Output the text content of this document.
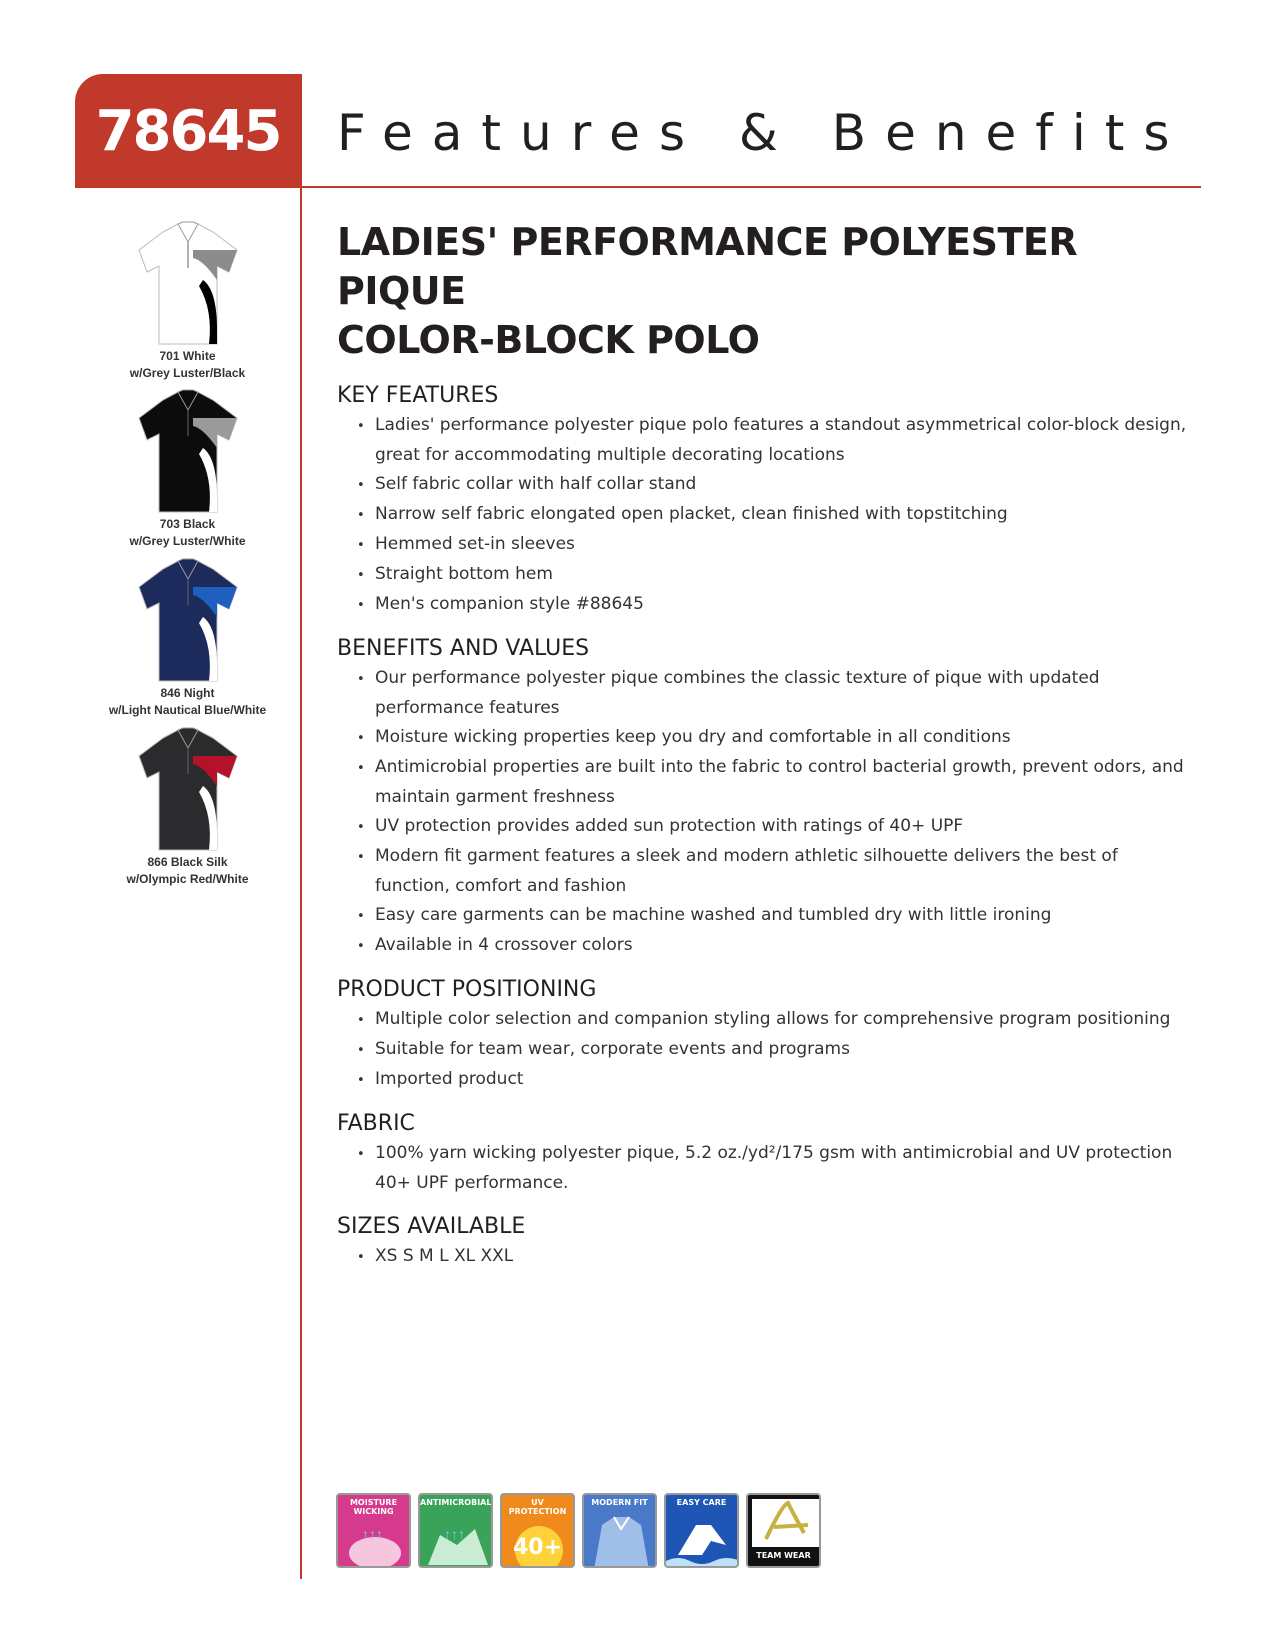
78645 Features & Benefits
701 White
w/Grey Luster/Black
703 Black
w/Grey Luster/White
846 Night
w/Light Nautical Blue/White
866 Black Silk
w/Olympic Red/White
LADIES' PERFORMANCE POLYESTER PIQUE
COLOR-BLOCK POLO
KEY FEATURES
• Ladies' performance polyester pique polo features a standout asymmetrical color-block design, great for accommodating multiple decorating locations
• Self fabric collar with half collar stand
• Narrow self fabric elongated open placket, clean finished with topstitching
• Hemmed set-in sleeves
• Straight bottom hem
• Men's companion style #88645
BENEFITS AND VALUES
• Our performance polyester pique combines the classic texture of pique with updated performance features
• Moisture wicking properties keep you dry and comfortable in all conditions
• Antimicrobial properties are built into the fabric to control bacterial growth, prevent odors, and maintain garment freshness
• UV protection provides added sun protection with ratings of 40+ UPF
• Modern fit garment features a sleek and modern athletic silhouette delivers the best of function, comfort and fashion
• Easy care garments can be machine washed and tumbled dry with little ironing
• Available in 4 crossover colors
PRODUCT POSITIONING
• Multiple color selection and companion styling allows for comprehensive program positioning
• Suitable for team wear, corporate events and programs
• Imported product
FABRIC
• 100% yarn wicking polyester pique, 5.2 oz./yd²/175 gsm with antimicrobial and UV protection 40+ UPF performance.
SIZES AVAILABLE
• XS S M L XL XXL
MOISTURE WICKING
↑↑↑
ANTIMICROBIAL
↑↑↑
UV PROTECTION
40+
MODERN FIT	EASY CARE
TEAM WEAR
